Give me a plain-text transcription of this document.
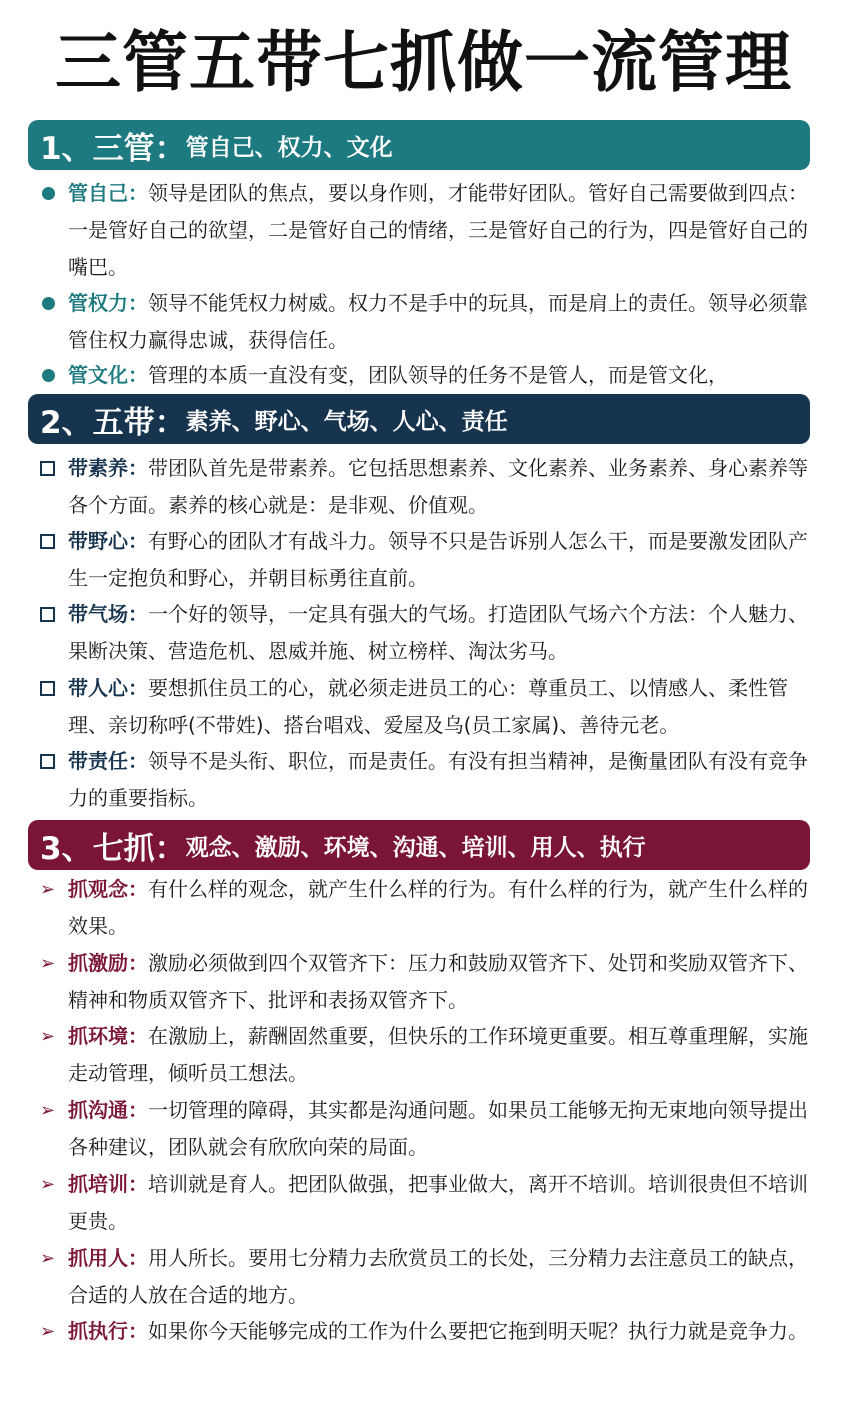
三管五带七抓做一流管理
1、 三管： 管自己、权力、文化
管自己：领导是团队的焦点，要以身作则，才能带好团队。管好自己需要做到四点：一是管好自己的欲望，二是管好自己的情绪，三是管好自己的行为，四是管好自己的嘴巴。
管权力：领导不能凭权力树威。权力不是手中的玩具，而是肩上的责任。领导必须靠管住权力赢得忠诚，获得信任。
管文化：管理的本质一直没有变，团队领导的任务不是管人，而是管文化，
2、 五带： 素养、野心、气场、人心、责任
带素养：带团队首先是带素养。它包括思想素养、文化素养、业务素养、身心素养等各个方面。素养的核心就是：是非观、价值观。
带野心：有野心的团队才有战斗力。领导不只是告诉别人怎么干，而是要激发团队产生一定抱负和野心，并朝目标勇往直前。
带气场：一个好的领导，一定具有强大的气场。打造团队气场六个方法：个人魅力、果断决策、营造危机、恩威并施、树立榜样、淘汰劣马。
带人心：要想抓住员工的心，就必须走进员工的心：尊重员工、以情感人、柔性管理、亲切称呼(不带姓)、搭台唱戏、爱屋及乌(员工家属)、善待元老。
带责任：领导不是头衔、职位，而是责任。有没有担当精神，是衡量团队有没有竞争力的重要指标。
3、 七抓： 观念、激励、环境、沟通、培训、用人、执行
➢ 抓观念：有什么样的观念，就产生什么样的行为。有什么样的行为，就产生什么样的效果。
➢ 抓激励：激励必须做到四个双管齐下：压力和鼓励双管齐下、处罚和奖励双管齐下、精神和物质双管齐下、批评和表扬双管齐下。
➢ 抓环境：在激励上，薪酬固然重要，但快乐的工作环境更重要。相互尊重理解，实施走动管理，倾听员工想法。
➢ 抓沟通：一切管理的障碍，其实都是沟通问题。如果员工能够无拘无束地向领导提出各种建议，团队就会有欣欣向荣的局面。
➢ 抓培训：培训就是育人。把团队做强，把事业做大，离开不培训。培训很贵但不培训更贵。
➢ 抓用人：用人所长。要用七分精力去欣赏员工的长处，三分精力去注意员工的缺点，合适的人放在合适的地方。
➢ 抓执行：如果你今天能够完成的工作为什么要把它拖到明天呢？执行力就是竞争力。
